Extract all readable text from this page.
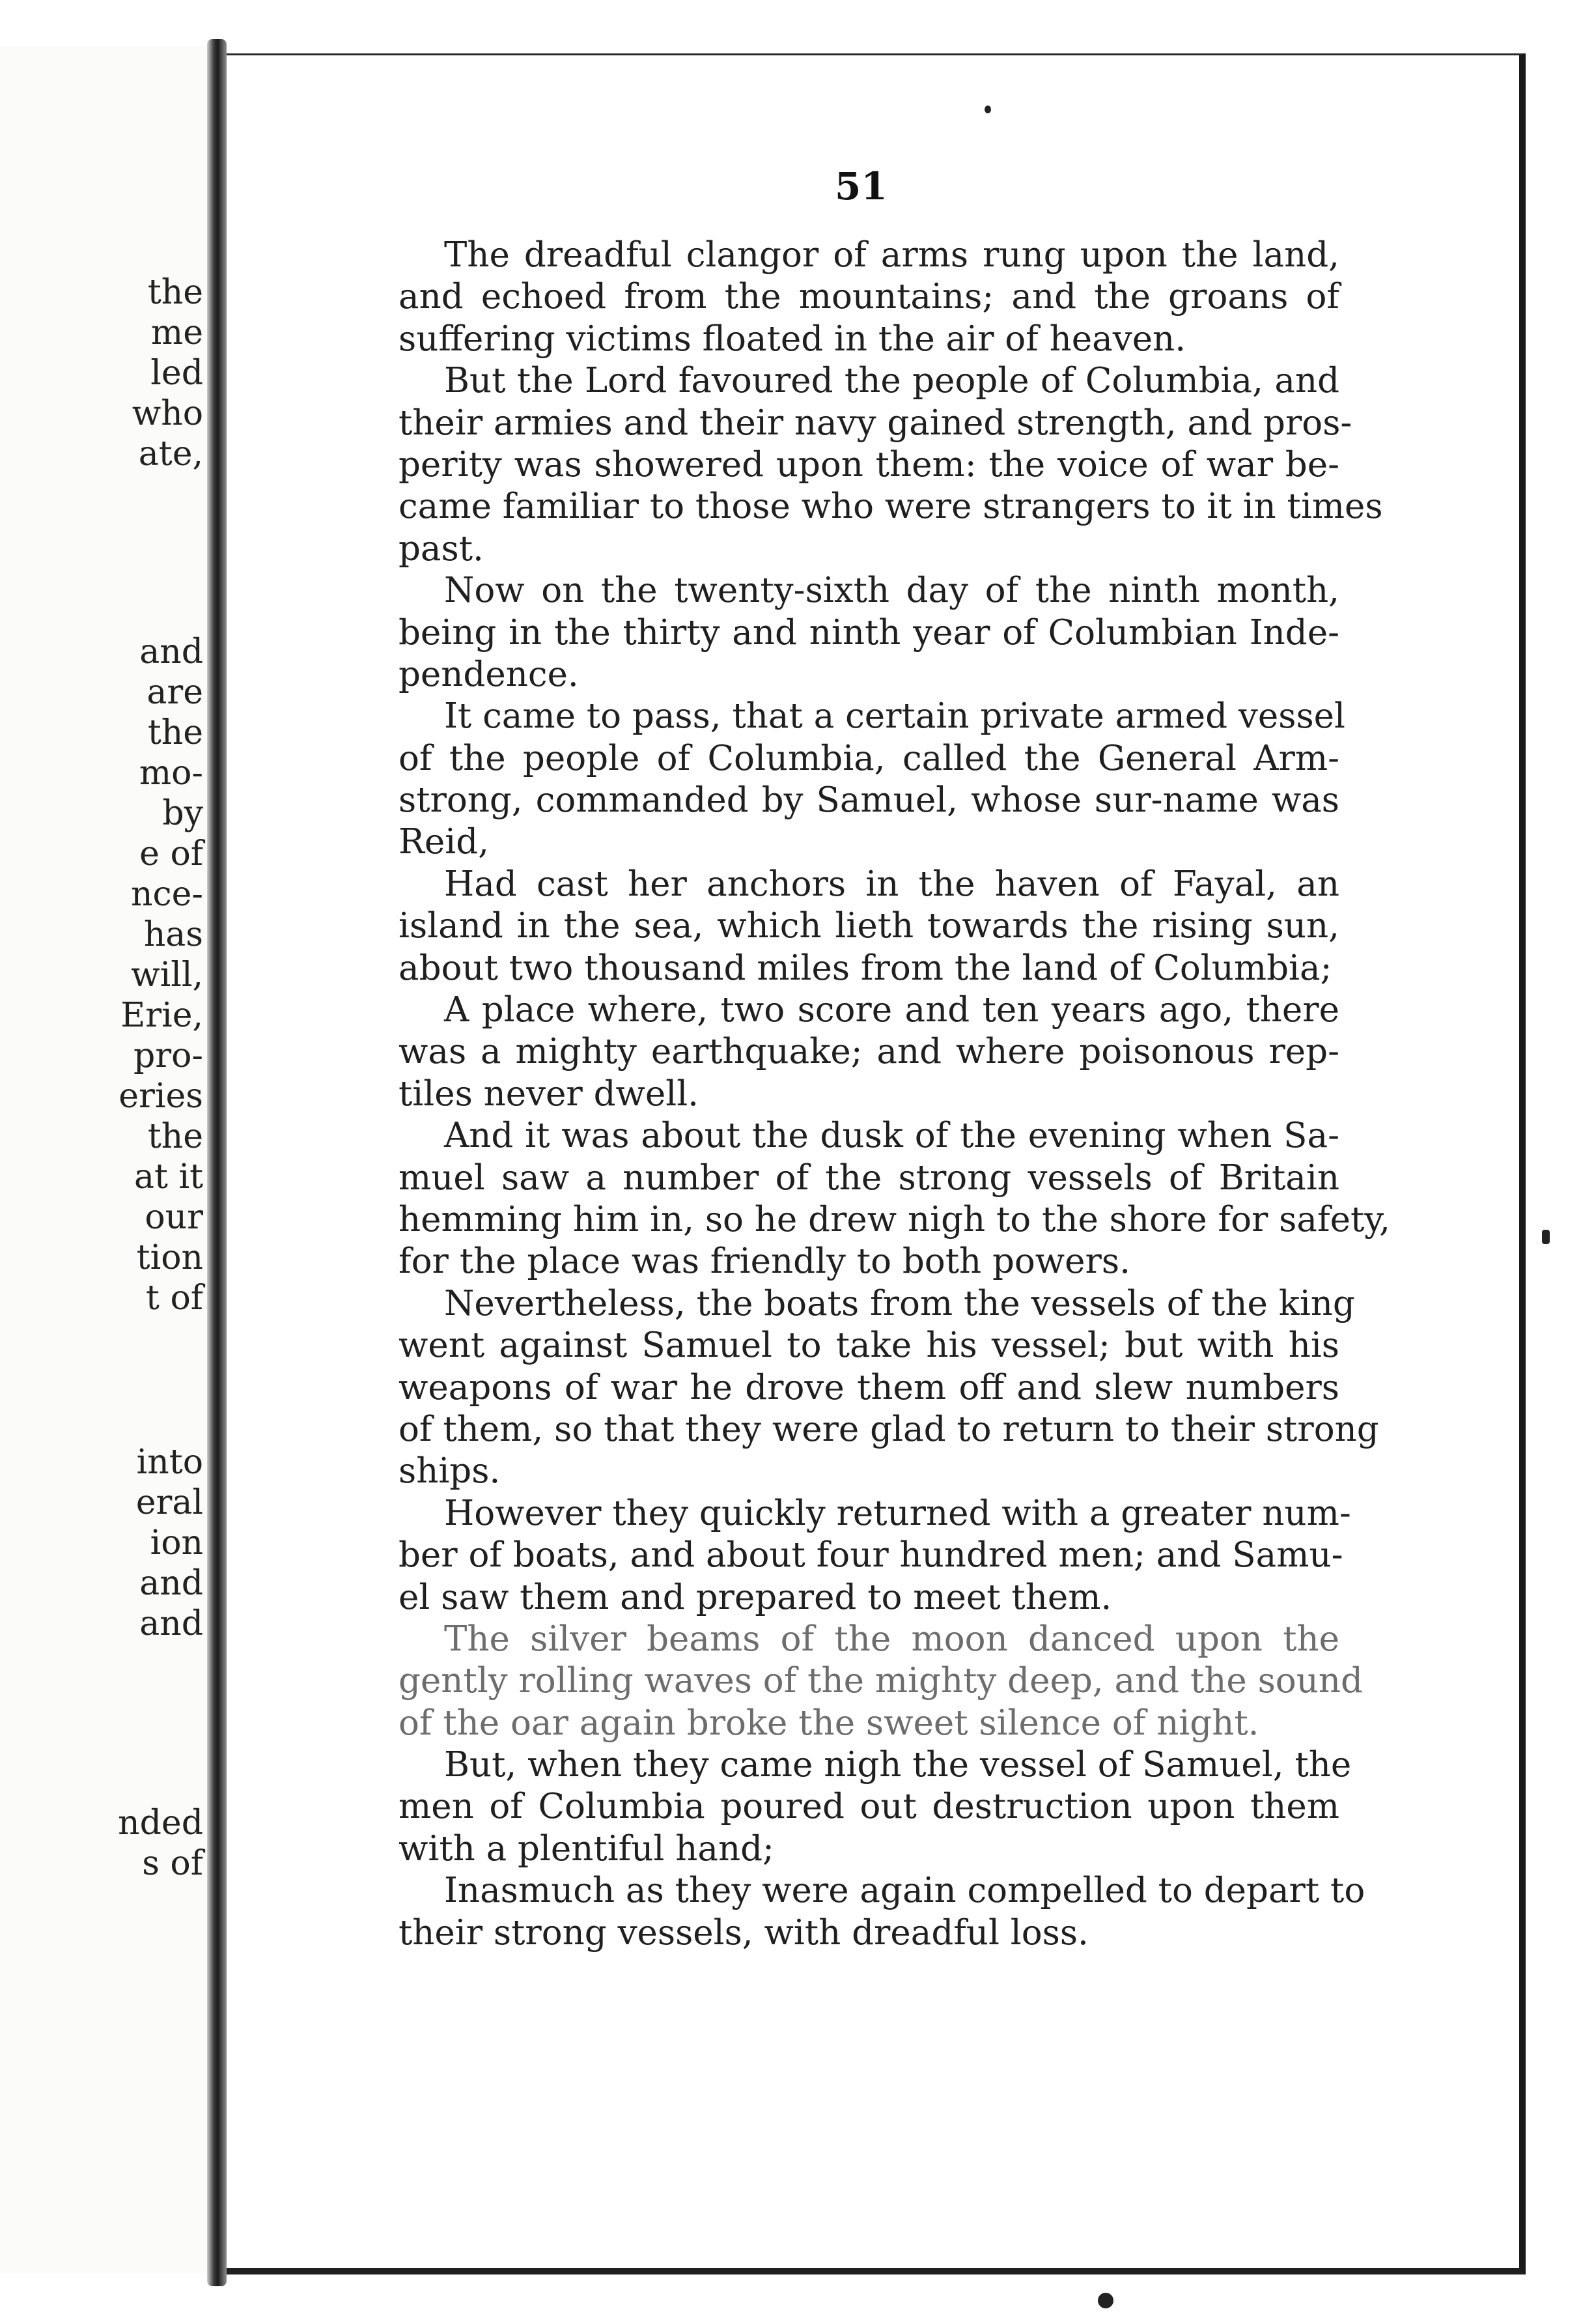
the
me
led
who
ate,
and
are
the
mo-
by
e of
nce-
has
will,
Erie,
pro-
eries
the
at it
our
tion
t of
into
eral
ion
and
and
nded
s of
51
The dreadful clangor of arms rung upon the land,
and echoed from the mountains; and the groans of
suffering victims floated in the air of heaven.
But the Lord favoured the people of Columbia, and
their armies and their navy gained strength, and pros-
perity was showered upon them: the voice of war be-
came familiar to those who were strangers to it in times
past.
Now on the twenty-sixth day of the ninth month,
being in the thirty and ninth year of Columbian Inde-
pendence.
It came to pass, that a certain private armed vessel
of the people of Columbia, called the General Arm-
strong, commanded by Samuel, whose sur-name was
Reid,
Had cast her anchors in the haven of Fayal, an
island in the sea, which lieth towards the rising sun,
about two thousand miles from the land of Columbia;
A place where, two score and ten years ago, there
was a mighty earthquake; and where poisonous rep-
tiles never dwell.
And it was about the dusk of the evening when Sa-
muel saw a number of the strong vessels of Britain
hemming him in, so he drew nigh to the shore for safety,
for the place was friendly to both powers.
Nevertheless, the boats from the vessels of the king
went against Samuel to take his vessel; but with his
weapons of war he drove them off and slew numbers
of them, so that they were glad to return to their strong
ships.
However they quickly returned with a greater num-
ber of boats, and about four hundred men; and Samu-
el saw them and prepared to meet them.
The silver beams of the moon danced upon the
gently rolling waves of the mighty deep, and the sound
of the oar again broke the sweet silence of night.
But, when they came nigh the vessel of Samuel, the
men of Columbia poured out destruction upon them
with a plentiful hand;
Inasmuch as they were again compelled to depart to
their strong vessels, with dreadful loss.
